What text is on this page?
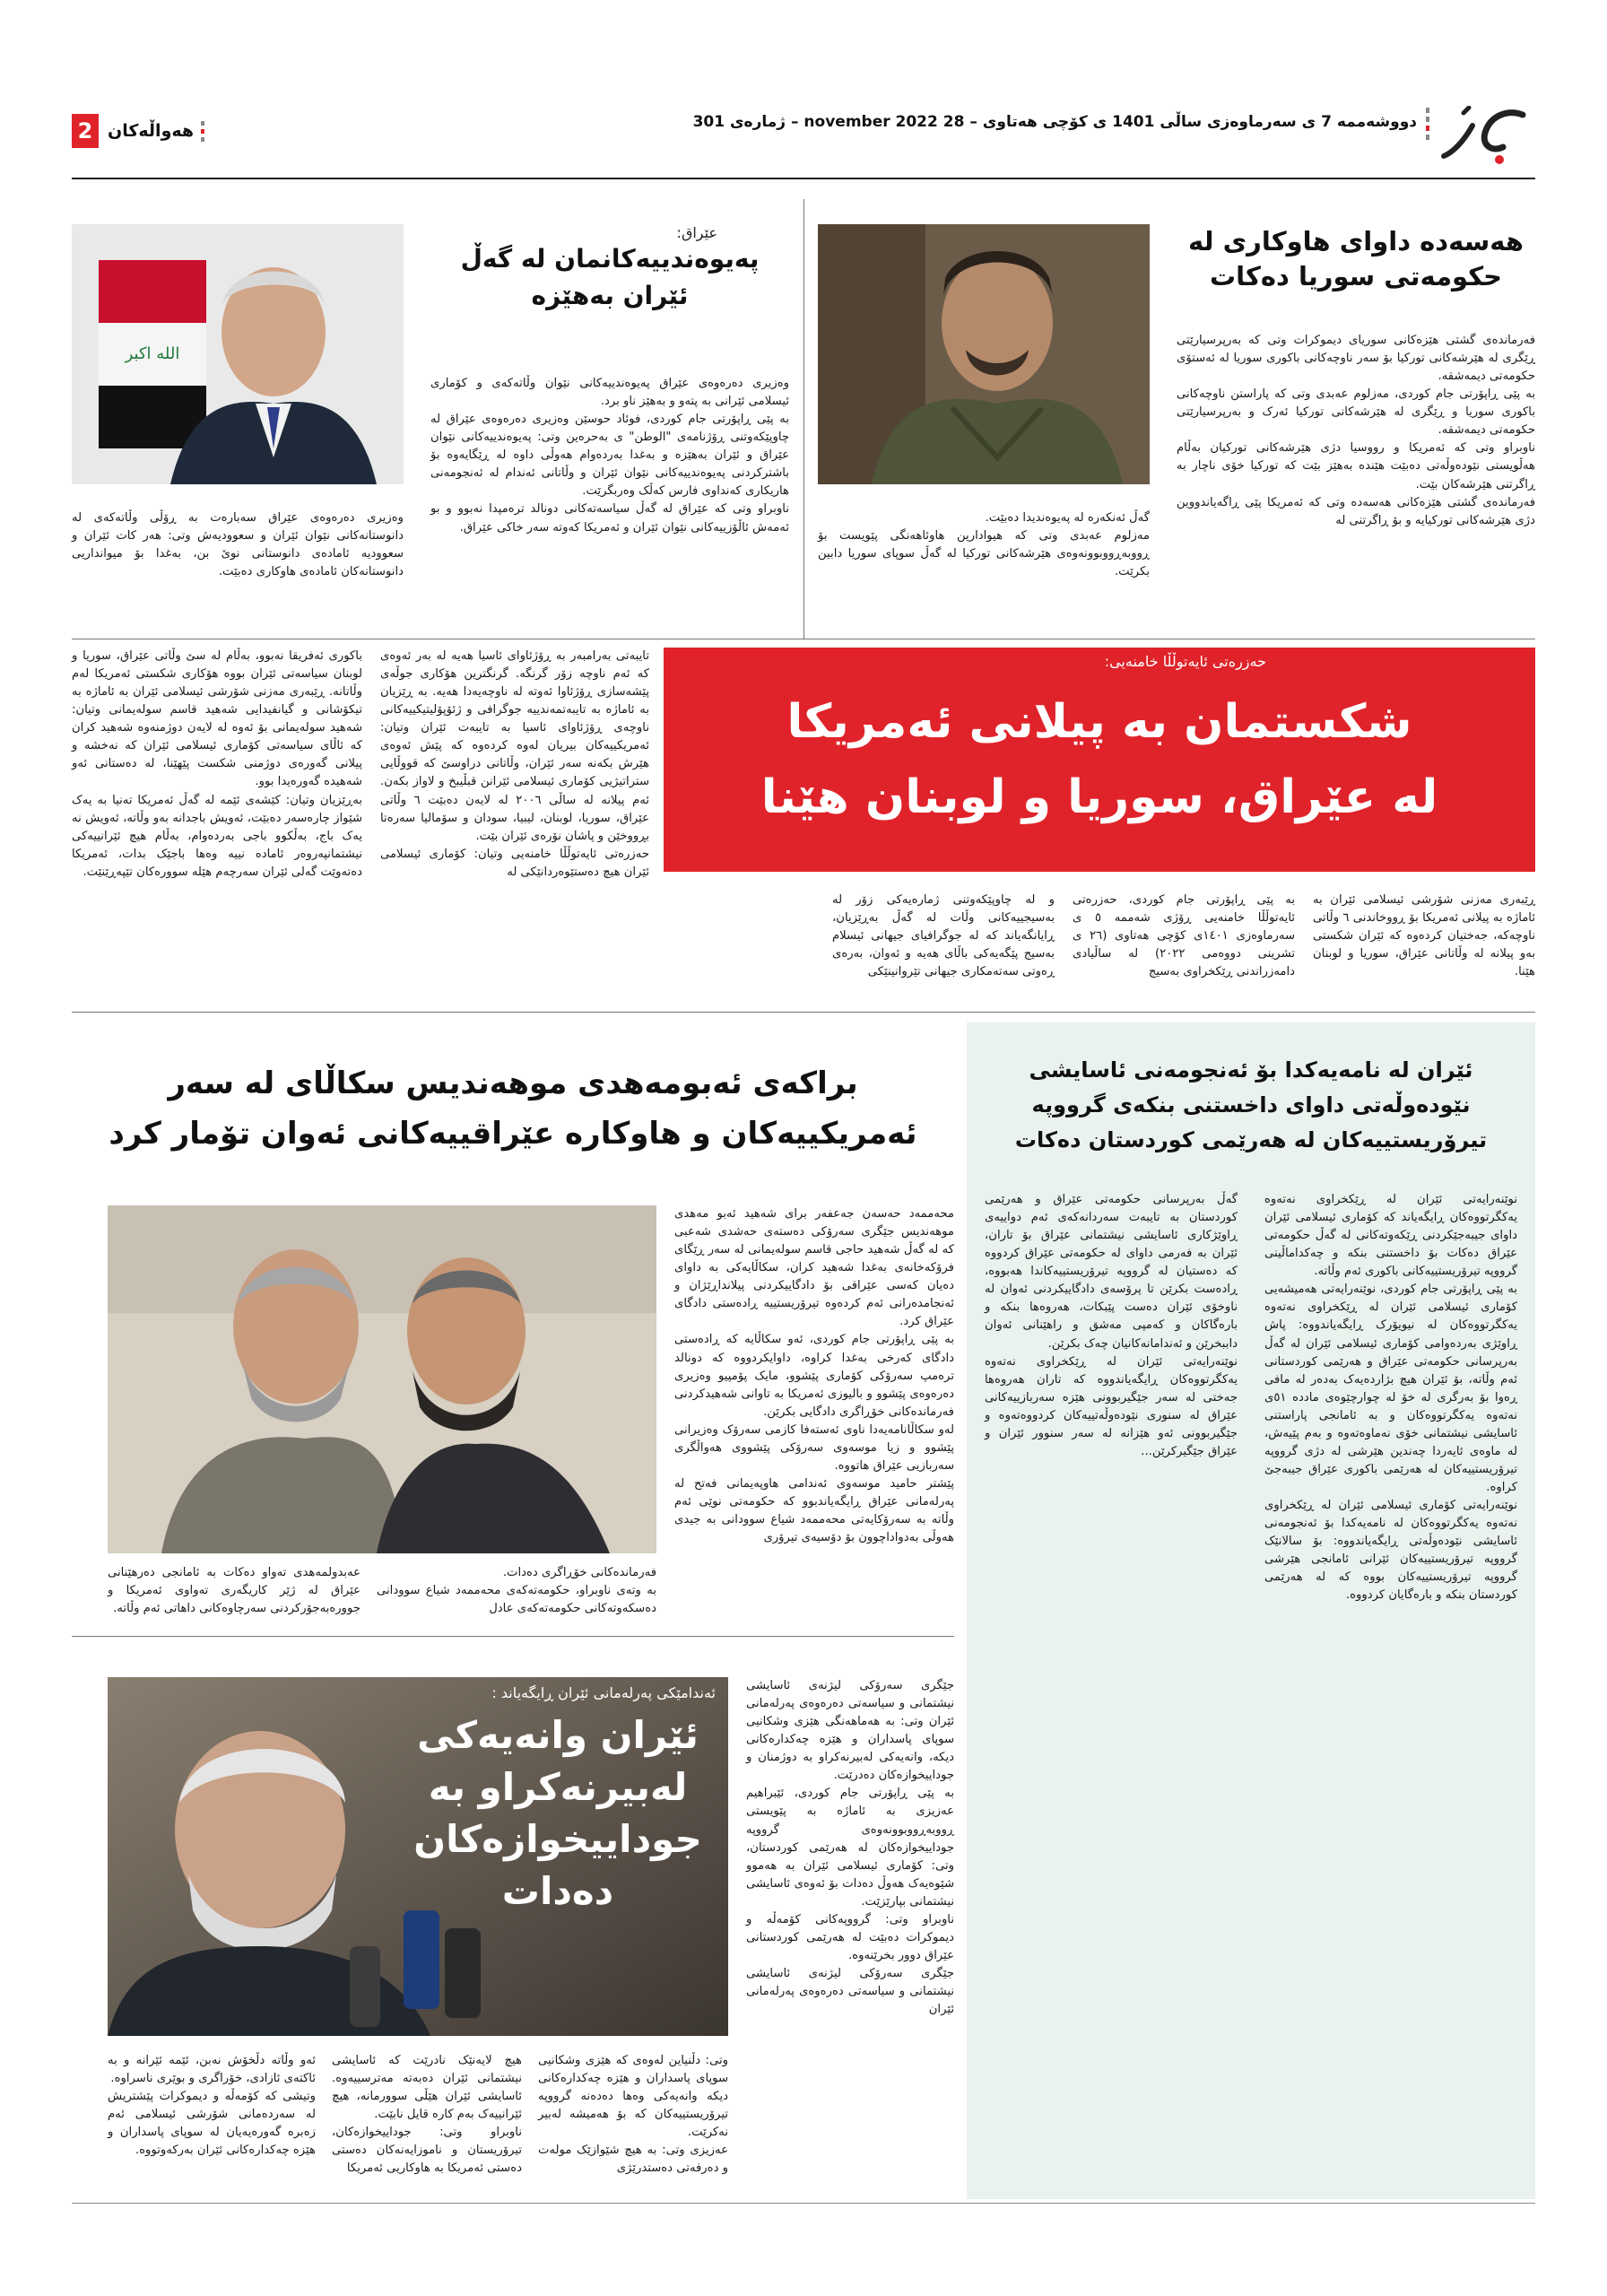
دووشەممە 7 ی سەرماوەزی ساڵی 1401 ی کۆچی هەتاوی – 28 november 2022 – ژمارەی 301
2 هەواڵەکان
هەسەدە داوای هاوکاری لە
حکومەتی سوریا دەکات

فەرماندەی گشتی هێزەکانی سوریای دیموکرات وتی کە بەرپرسیارێتی ڕێگری لە هێرشەکانی تورکیا بۆ سەر ناوچەکانی باکوری سوریا لە ئەستۆی حکومەتی دیمەشقە.

بە پێی ڕاپۆرتی جام کوردی، مەزلوم عەبدی وتی کە پاراستن ناوچەکانی باکوری سوریا و ڕێگری لە هێرشەکانی تورکیا ئەرک و بەرپرسیارێتی حکومەتی دیمەشقە.

ناوبراو وتی کە ئەمریکا و رووسیا دژی هێرشەکانی تورکیان بەڵام هەڵویستی نێودەوڵەتی دەبێت هێندە بەهێز بێت کە تورکیا خۆی ناچار بە ڕاگرتنی هێرشەکان بێت.

فەرماندەی گشتی هێزەکانی هەسەدە وتی کە ئەمریکا پێی ڕاگەیاندووین دژی هێرشەکانی تورکیایە و بۆ ڕاگرتنی لە

گەڵ ئەنکەرە لە پەیوەندیدا دەبێت.
مەزلوم عەبدی وتی کە هیوادارین هاوئاهەنگی پێویست بۆ ڕووبەڕووبوونەوەی هێرشەکانی تورکیا لە گەڵ سوپای سوریا دابین بکرێت.
الله اكبر
عێراق:
پەیوەندییەکانمان لە گەڵ
ئێران بەهێزە

وەزیری دەرەوەی عێراق پەیوەندییەکانی نێوان وڵاتەکەی و کۆماری ئیسلامی ئێرانی بە پتەو و بەهێز ناو برد.

بە پێی ڕاپۆرتی جام کوردی، فوئاد حوسێن وەزیری دەرەوەی عێراق لە چاوپێکەوتنی ڕۆژنامەی "الوطن" ی بەحرەین وتی: پەیوەندییەکانی نێوان عێراق و ئێران بەهێزە و بەغدا بەردەوام هەوڵی داوە لە ڕێگایەوە بۆ باشترکردنی پەیوەندییەکانی نێوان ئێران و وڵاتانی ئەندام لە ئەنجومەنی هاریکاری کەنداوی فارس کەڵک وەربگرێت.

ناوبراو وتی کە عێراق لە گەڵ سیاسەتەکانی دونالد ترەمپدا نەبوو و بو ئەمەش ئاڵۆزییەکانی نێوان ئێران و ئەمریکا کەوتە سەر خاکی عێراق.

وەزیری دەرەوەی عێراق سەبارەت بە ڕۆڵی وڵاتەکەی لە دانوستانەکانی نێوان ئێران و سعوودیەش وتی: هەر کات ئێران و سعوودیە ئامادەی دانوستانی نوێ بن، بەغدا بۆ میوانداریی دانوستانەکان ئامادەی هاوکاری دەبێت.
حەزرەتی ئایەتوڵڵا خامنەیی:
شکستمان بە پیلانی ئەمریکا
لە عێراق، سوریا و لوبنان هێنا
ڕێبەری مەزنی شۆرشی ئیسلامی ئێران بە ئاماژە بە پیلانی ئەمریکا بۆ ڕووخاندنی ٦ وڵاتی ناوچەکە، جەختیان کردەوە کە ئێران شکستی بەو پیلانە لە وڵاتانی عێراق، سوریا و لوبنان هێنا.
بە پێی ڕاپۆرتی جام کوردی، حەزرەتی ئایەتوڵڵا خامنەیی ڕۆژی شەممە ٥ ی سەرماوەزی ١٤٠١ی کۆچی هەتاوی (٢٦ ی تشرینی دووەمی ٢٠٢٢) لە ساڵیادی دامەزراندنی ڕێکخراوی بەسیج
و لە چاوپێکەوتنی ژمارەیەکی زۆر لە بەسیجییەکانی وڵات لە گەڵ بەڕێزیان، ڕایانگەیاند کە لە جوگرافیای جیهانی ئیسلام بەسیج پێگەیەکی باڵای هەیە و ئەوان، بەرەی ڕەوتی سەتەمکاری جیهانی تێروانینێکی

تایبەتی بەرامبەر بە ڕۆژئاوای ئاسیا هەیە لە بەر ئەوەی کە ئەم ناوچە زۆر گرنگە. گرنگترین هۆکاری جوڵەی پێشەسازی ڕۆژئاوا ئەوتە لە ناوچەیەدا هەیە. بە ڕێزیان بە ئاماژە بە تایبەتمەندییە جوگرافی و ژئۆپۆلیتیکییەکانی ناوچەی ڕۆژئاوای ئاسیا بە تایبەت ئێران وتیان: ئەمریکییەکان بیریان لەوە کردەوە کە پێش ئەوەی هێرش بکەنە سەر ئێران، وڵاتانی دراوسێ کە قووڵایی ستراتیژیی کۆماری ئیسلامی ئێرانن قبڵیبخ و لاواز بکەن. ئەم پیلانە لە ساڵی ٢٠٠٦ لە لایەن دەبێت ٦ وڵاتی عێراق، سوریا، لوبنان، لیبیا، سودان و سۆمالیا سەرەتا بڕووخێن و پاشان نۆرەی ئێران بێت.

حەزرەتی ئایەتوڵڵا خامنەیی وتیان: کۆماری ئیسلامی ئێران هیچ دەستێوەردانێکی لە

باکوری ئەفریقا نەبوو، بەڵام لە سێ وڵاتی عێراق، سوریا و لوبنان سیاسەتی ئێران بووە هۆکاری شکستی ئەمریکا لەم وڵاتانە. ڕێبەری مەزنی شۆرشی ئیسلامی ئێران بە ئاماژە بە تیکۆشانی و گیانفیدایی شەهید قاسم سولەیمانی وتیان: شەهید سولەیمانی بۆ ئەوە لە لایەن دوژمنەوە شەهید کران کە ئاڵای سیاسەتی کۆماری ئیسلامی ئێران کە نەخشە و پیلانی گەورەی دوژمنی شکست پێهێنا، لە دەستانی ئەو شەهیدە گەورەیدا بوو.

بەڕێزیان وتیان: کێشەی ئێمە لە گەڵ ئەمریکا تەنیا بە یەک شێواز چارەسەر دەبێت، ئەویش باجدانە بەو وڵاتە، ئەویش نە یەک باج، بەڵکوو باجی بەردەوام، بەڵام هیچ ئێرانییەکی نیشتمانپەروەر ئامادە نییە وەها باجێک بدات، ئەمریکا دەتەوێت گەلی ئێران سەرچەم هێلە سوورەکان تێپەڕێنێت.

ئێران لە نامەیەکدا بۆ ئەنجومەنی ئاسایشی
نێودەوڵەتی داوای داخستنی بنکەی گرووپە
تیرۆریستییەکان لە هەرێمی کوردستان دەکات
نوێنەرایەتی ئێران لە ڕێکخراوی نەتەوە یەکگرتووەکان ڕایگەیاند کە کۆماری ئیسلامی ئێران داوای جیبەجێکردنی ڕێکەوتەکانی لە گەڵ حکومەتی عێراق دەکات بۆ داخستنی بنکە و چەکداماڵینی گرووپە تیرۆریستییەکانی باکوری ئەم وڵاتە.
بە پێی ڕاپۆرتی جام کوردی، نوێنەرایەتی هەمیشەیی کۆماری ئیسلامی ئێران لە ڕێکخراوی نەتەوە یەکگرتووەکان لە نیویۆرک ڕایگەیاندووە: پاش ڕاوێژی بەردەوامی کۆماری ئیسلامی ئێران لە گەڵ بەرپرسانی حکومەتی عێراق و هەرێمی کوردستانی ئەم وڵاتە، بۆ ئێران هیچ بژاردەیەک بەدەر لە مافی ڕەوا بۆ بەرگری لە خۆ لە چوارچێوەی ماددە ٥١ی نەتەوە یەکگرتووەکان و بە ئامانجی پاراستنی ئاسایشی نیشتمانی خۆی نەماوەتەوە و بەم پێیەش، لە ماوەی ئایەردا چەندین هێرشی لە دژی گرووپە تیرۆریستییەکان لە هەرێمی باکوری عێراق جیبەجێ کراوە.
نوێنەرایەتی کۆماری ئیسلامی ئێران لە ڕێکخراوی نەتەوە یەکگرتووەکان لە نامەیەکدا بۆ ئەنجومەنی ئاسایشی نێودەوڵەتی ڕایگەیاندووە: بۆ سالانێک گرووپە تیرۆریستییەکان ئێرانی ئامانجی هێرشی گرووپە تیرۆریستییەکان بووە کە لە هەرێمی کوردستان بنکە و بارەگایان کردووە.
گەڵ بەرپرسانی حکومەتی عێراق و هەرێمی کوردستان بە تایبەت سەردانەکەی ئەم دواییەی ڕاوێژکاری ئاسایشی نیشتمانی عێراق بۆ تاران، ئێران بە فەرمی داوای لە حکومەتی عێراق کردووە کە دەستیان لە گرووپە تیرۆریستییەکاندا هەبووە، ڕادەست بکرێن تا پرۆسەی دادگاییکردنی ئەوان لە ناوخۆی ئێران دەست پێبکات، هەروەها بنکە و بارەگاکان و کەمپی مەشق و راهێنانی ئەوان داببخرێن و ئەندامانەکانیان چەک بکرێن.
نوێنەرایەتی ئێران لە ڕێکخراوی نەتەوە یەکگرتووەکان ڕایگەیاندووە کە تاران هەروەها جەختی لە سەر جێگیربوونی هێزە سەربازییەکانی عێراق لە سنوری نێودەوڵەتییەکان کردووەتەوە و جێگیربوونی ئەو هێزانە لە سەر سنوور ئێران و عێراق جێگیرکرێن...
براکەی ئەبومەهدی موهەندیس سکاڵای لە سەر
ئەمریکییەکان و هاوکارە عێراقییەکانی ئەوان تۆمار کرد
محەممەد حەسەن جەعفەر برای شەهید ئەبو مەهدی موهەندیس جێگری سەرۆکی دەستەی حەشدی شەعبی کە لە گەڵ شەهید حاجی قاسم سولەیمانی لە سەر ڕێگای فرۆکەخانەی بەغدا شەهید کران، سکاڵایەکی بە داوای دەیان کەسی عێراقی بۆ دادگاییکردنی پیلانداڕێژان و ئەنجامدەرانی ئەم کردەوە تیرۆریستییە ڕادەستی دادگای عێراق کرد.
بە پێی ڕاپۆرتی جام کوردی، ئەو سکاڵایە کە ڕادەستی دادگای کەرخی بەغدا کراوە، داوایکردووە کە دونالد ترەمپ سەرۆکی کۆماری پێشوو، مایک پۆمپیو وەزیری دەرەوەی پێشوو و بالیوزی ئەمریکا بە تاوانی شەهیدکردنی فەرماندەکانی خۆڕاگری دادگایی بکرێن.
لەو سکاڵانامەیەدا ناوی ئەستەفا کازمی سەرۆک وەزیرانی پێشوو و زیا موسەوی سەرۆکی پێشووی هەواڵگری سەربازیی عێراق هاتووە.
پێشتر حامید موسەوی ئەندامی هاوپەیمانی فەتح لە پەرلەمانی عێراق ڕایگەیاندبوو کە حکومەتی نوێی ئەم وڵاتە بە سەرۆکایەتی محەممەد شیاع سوودانی بە جیدی هەوڵی بەدواداچوون بۆ دۆسیەی تیرۆری
فەرماندەکانی خۆڕاگری دەدات.
بە وتەی ناوبراو، حکومەتەکەی محەممەد شیاع سوودانی دەسکەوتەکانی حکومەتەکەی عادل
عەبدولمەهدی تەواو دەکات بە ئامانجی دەرهێنانی عێراق لە ژێر کاریگەری تەواوی ئەمریکا و جوورەبەجۆرکردنی سەرچاوەکانی داهاتی ئەم وڵاتە.
ئەندامێکی پەرلەمانی ئێران ڕایگەیاند :
ئێران وانەیەکی
لەبیرنەکراو بە
جوداییخوازەکان دەدات
جێگری سەرۆکی لیژنەی ئاسایشی نیشتمانی و سیاسەتی دەرەوەی پەرلەمانی ئێران وتی: بە هەماهەنگی هێزی وشکانیی سوپای پاسداران و هێزە چەکدارەکانی دیکە، وانەیەکی لەبیرنەکراو بە دوژمنان و جوداییخوازەکان دەدرێت.
بە پێی ڕاپۆرتی جام کوردی، ئێبراهیم عەزیزی بە ئاماژە بە پێویستی ڕووبەڕووبوونەوەی گرووپە جوداییخوازەکان لە هەرێمی کوردستان، وتی: کۆماری ئیسلامی ئێران بە هەموو شێوەیەک هەوڵ دەدات بۆ ئەوەی ئاسایشی نیشتمانی بپارێزێت.
ناوبراو وتی: گرووپەکانی کۆمەڵە و دیموکرات دەبێت لە هەرێمی کوردستانی عێراق دوور بخرێنەوە.
جێگری سەرۆکی لیژنەی ئاسایشی نیشتمانی و سیاسەتی دەرەوەی پەرلەمانی ئێران
وتی: دڵنیاین لەوەی کە هێزی وشکانیی سوپای پاسداران و هێزە چەکدارەکانی دیکە وانەیەکی وەها دەدەنە گرووپە تیرۆریستییەکان کە بۆ هەمیشە لەبیر نەکرێت.
عەزیزی وتی: بە هیچ شێوازێک مولەت و دەرفەتی دەستدرێژی
هیچ لایەنێک نادرێت کە ئاسایشی نیشتمانی ئێران دەبەتە مەترسییەوە. ئاسایشی ئێران هێڵی سوورمانە، هیچ ئێرانییەک بەم کارە قایل نابێت.
ناوبراو وتی: جوداییخوازەکان، تیرۆریستان و ناموزایەنەکان دەستی دەستی ئەمریکا بە هاوکاریی ئەمریکا
ئەو وڵاتە دڵخۆش نەبن، ئێمە ئێرانە و بە ئاکتەی ئازادی، خۆراگری و بوێری ناسراوە.
وتیشی کە کۆمەڵە و دیموکرات پێشتریش لە سەردەمانی شۆرشی ئیسلامی ئەم زەبرە گەورەیەیان لە سوپای پاسداران و هێزە چەکدارەکانی ئێران بەرکەوتووە.
